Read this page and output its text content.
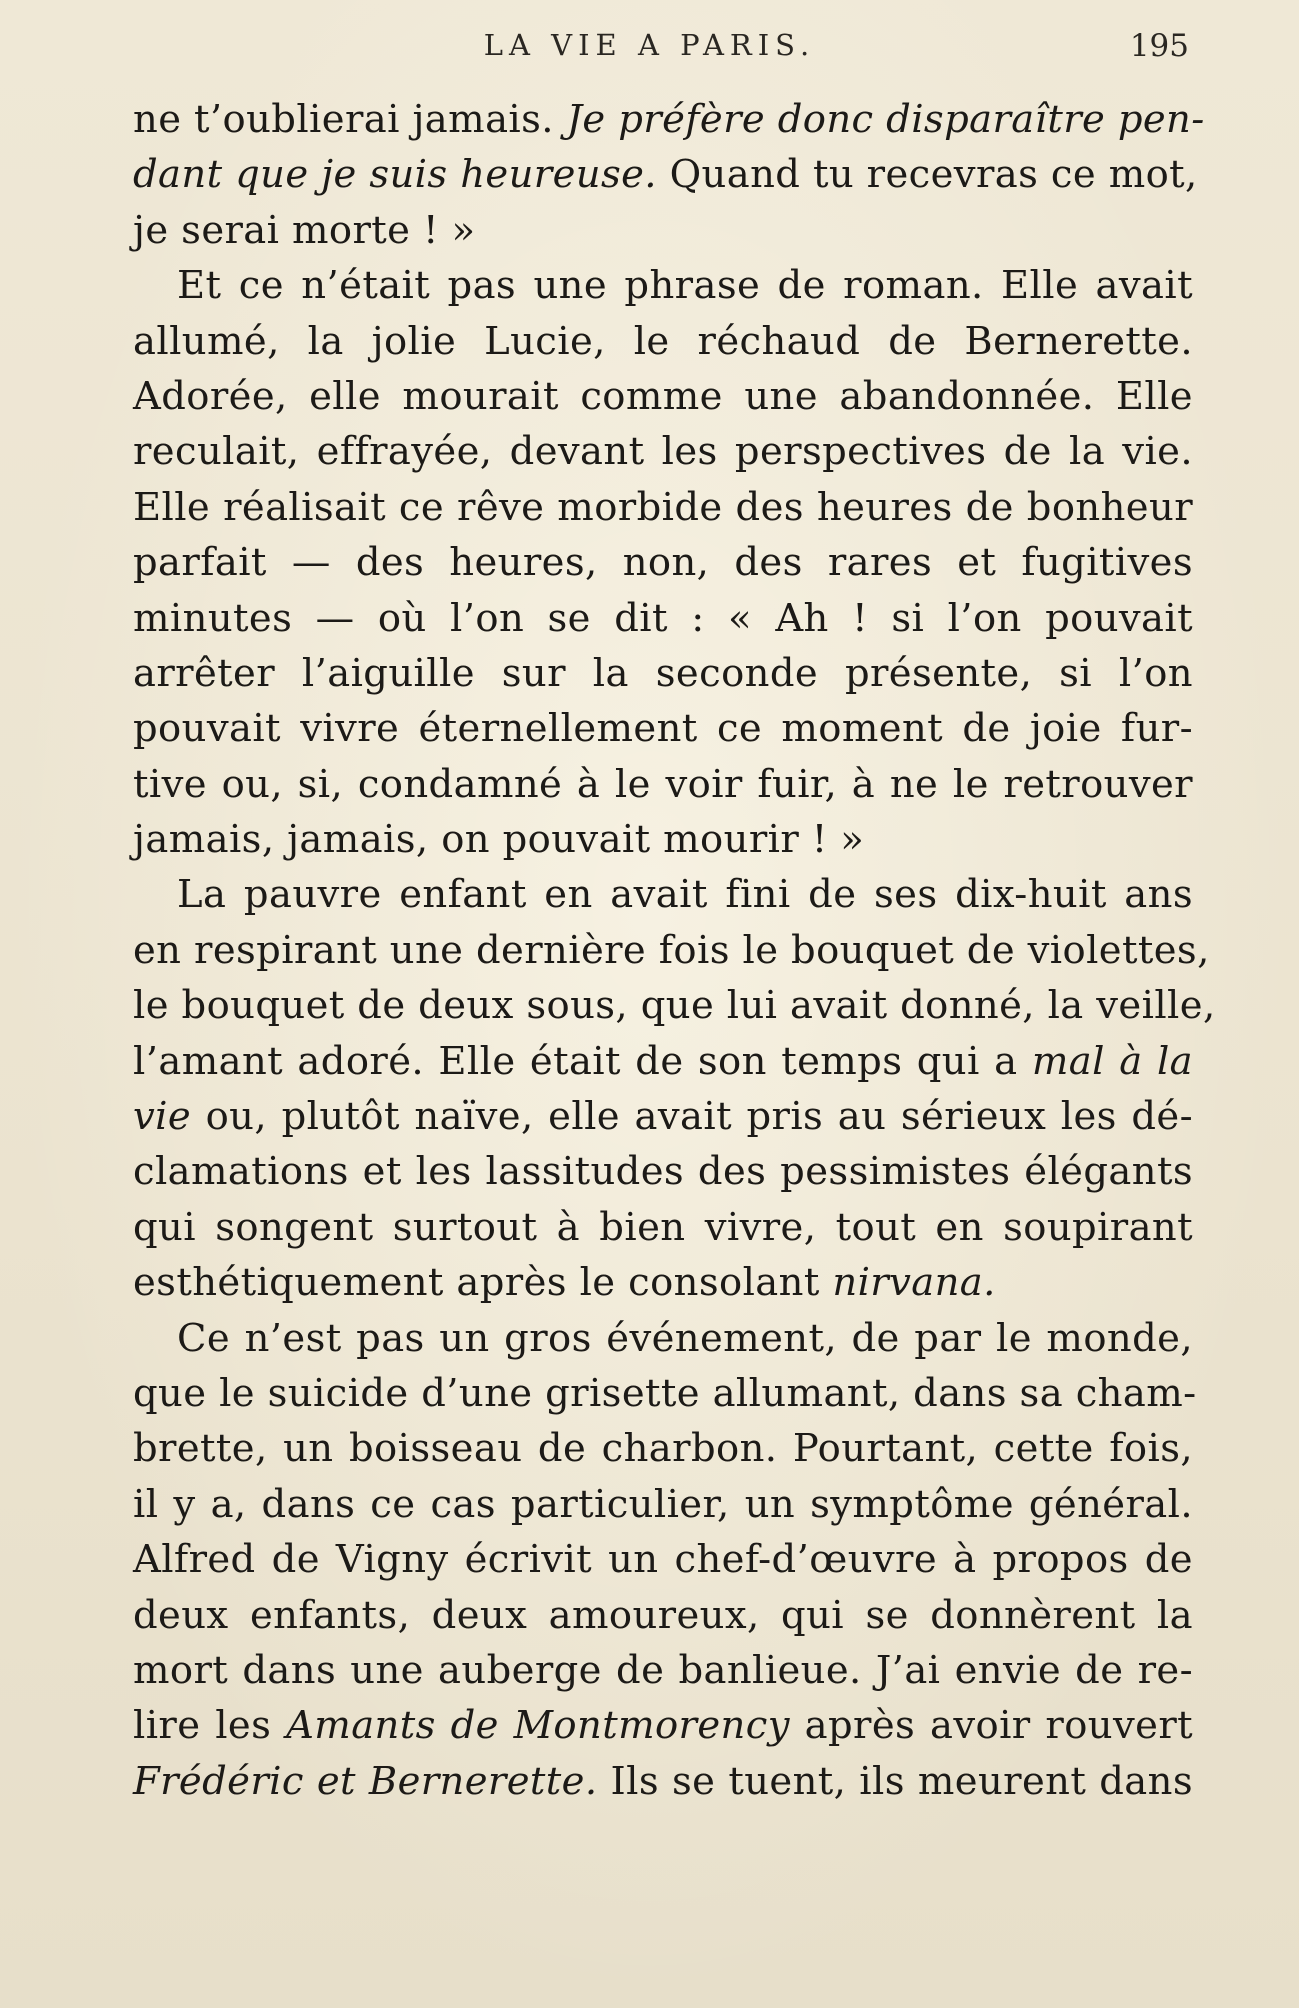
LA VIE A PARIS.	195
ne t’oublierai jamais. Je préfère donc disparaître pen-
dant que je suis heureuse. Quand tu recevras ce mot,
je serai morte ! »
Et ce n’était pas une phrase de roman. Elle avait
allumé, la jolie Lucie, le réchaud de Bernerette.
Adorée, elle mourait comme une abandonnée. Elle
reculait, effrayée, devant les perspectives de la vie.
Elle réalisait ce rêve morbide des heures de bonheur
parfait — des heures, non, des rares et fugitives
minutes — où l’on se dit : « Ah ! si l’on pouvait
arrêter l’aiguille sur la seconde présente, si l’on
pouvait vivre éternellement ce moment de joie fur-
tive ou, si, condamné à le voir fuir, à ne le retrouver
jamais, jamais, on pouvait mourir ! »
La pauvre enfant en avait fini de ses dix-huit ans
en respirant une dernière fois le bouquet de violettes,
le bouquet de deux sous, que lui avait donné, la veille,
l’amant adoré. Elle était de son temps qui a mal à la
vie ou, plutôt naïve, elle avait pris au sérieux les dé-
clamations et les lassitudes des pessimistes élégants
qui songent surtout à bien vivre, tout en soupirant
esthétiquement après le consolant nirvana.
Ce n’est pas un gros événement, de par le monde,
que le suicide d’une grisette allumant, dans sa cham-
brette, un boisseau de charbon. Pourtant, cette fois,
il y a, dans ce cas particulier, un symptôme général.
Alfred de Vigny écrivit un chef-d’œuvre à propos de
deux enfants, deux amoureux, qui se donnèrent la
mort dans une auberge de banlieue. J’ai envie de re-
lire les Amants de Montmorency après avoir rouvert
Frédéric et Bernerette. Ils se tuent, ils meurent dans
